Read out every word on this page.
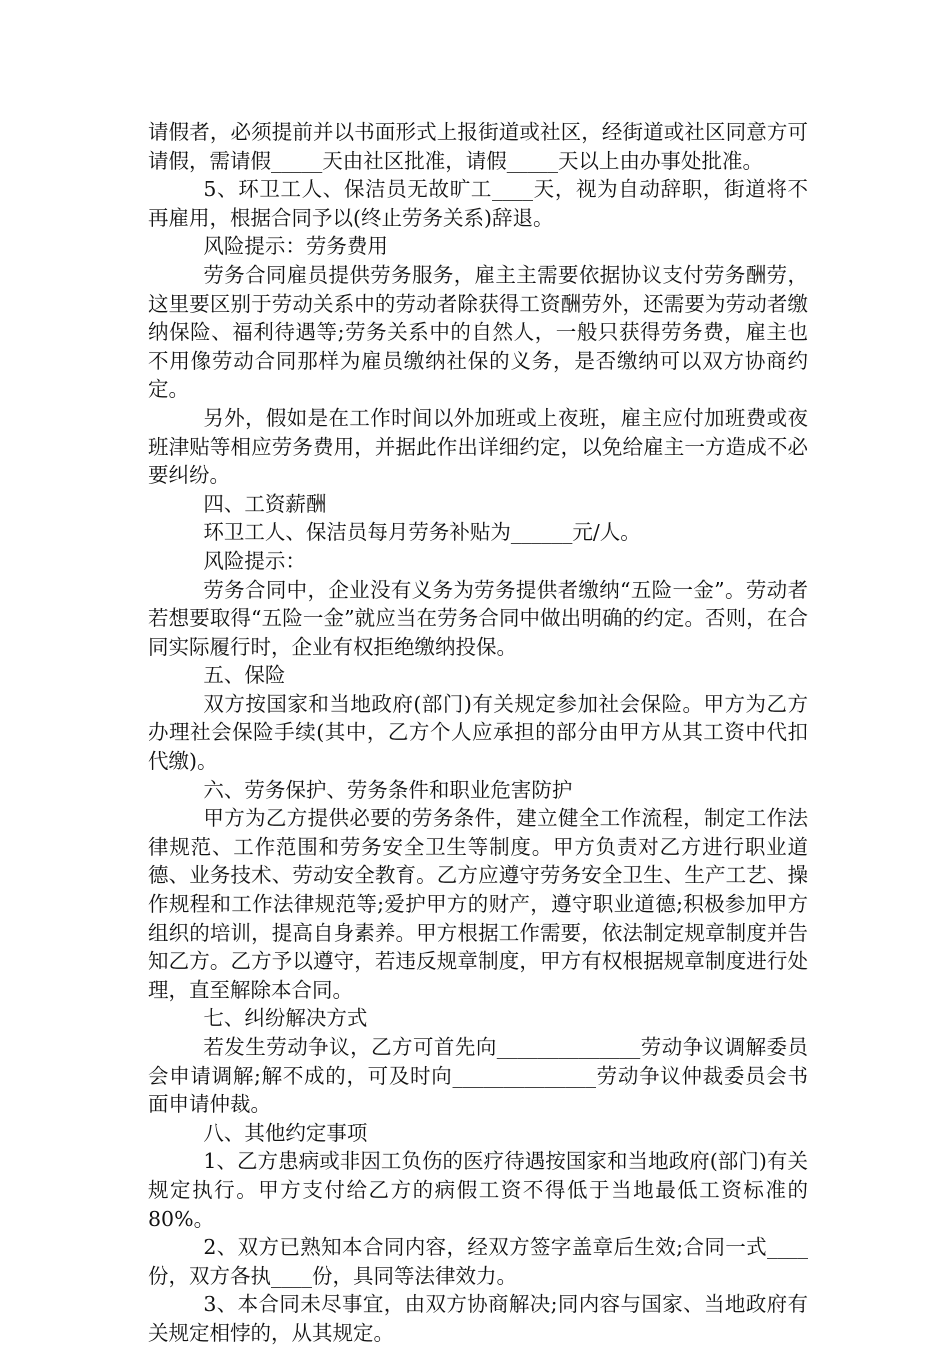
请假者，必须提前并以书面形式上报街道或社区，经街道或社区同意方可请假，需请假_____天由社区批准，请假_____天以上由办事处批准。

5、环卫工人、保洁员无故旷工____天，视为自动辞职，街道将不再雇用，根据合同予以(终止劳务关系)辞退。

风险提示：劳务费用

劳务合同雇员提供劳务服务，雇主主需要依据协议支付劳务酬劳，这里要区别于劳动关系中的劳动者除获得工资酬劳外，还需要为劳动者缴纳保险、福利待遇等;劳务关系中的自然人，一般只获得劳务费，雇主也不用像劳动合同那样为雇员缴纳社保的义务，是否缴纳可以双方协商约定。

另外，假如是在工作时间以外加班或上夜班，雇主应付加班费或夜班津贴等相应劳务费用，并据此作出详细约定，以免给雇主一方造成不必要纠纷。

四、工资薪酬

环卫工人、保洁员每月劳务补贴为______元/人。

风险提示：

劳务合同中，企业没有义务为劳务提供者缴纳“五险一金”。劳动者若想要取得“五险一金”就应当在劳务合同中做出明确的约定。否则，在合同实际履行时，企业有权拒绝缴纳投保。

五、保险

双方按国家和当地政府(部门)有关规定参加社会保险。甲方为乙方办理社会保险手续(其中，乙方个人应承担的部分由甲方从其工资中代扣代缴)。

六、劳务保护、劳务条件和职业危害防护

甲方为乙方提供必要的劳务条件，建立健全工作流程，制定工作法律规范、工作范围和劳务安全卫生等制度。甲方负责对乙方进行职业道德、业务技术、劳动安全教育。乙方应遵守劳务安全卫生、生产工艺、操作规程和工作法律规范等;爱护甲方的财产，遵守职业道德;积极参加甲方组织的培训，提高自身素养。甲方根据工作需要，依法制定规章制度并告知乙方。乙方予以遵守，若违反规章制度，甲方有权根据规章制度进行处理，直至解除本合同。

七、纠纷解决方式

若发生劳动争议，乙方可首先向______________劳动争议调解委员会申请调解;解不成的，可及时向______________劳动争议仲裁委员会书面申请仲裁。

八、其他约定事项

1、乙方患病或非因工负伤的医疗待遇按国家和当地政府(部门)有关规定执行。甲方支付给乙方的病假工资不得低于当地最低工资标准的80%。

2、双方已熟知本合同内容，经双方签字盖章后生效;合同一式____份，双方各执____份，具同等法律效力。

3、本合同未尽事宜，由双方协商解决;同内容与国家、当地政府有关规定相悖的，从其规定。
